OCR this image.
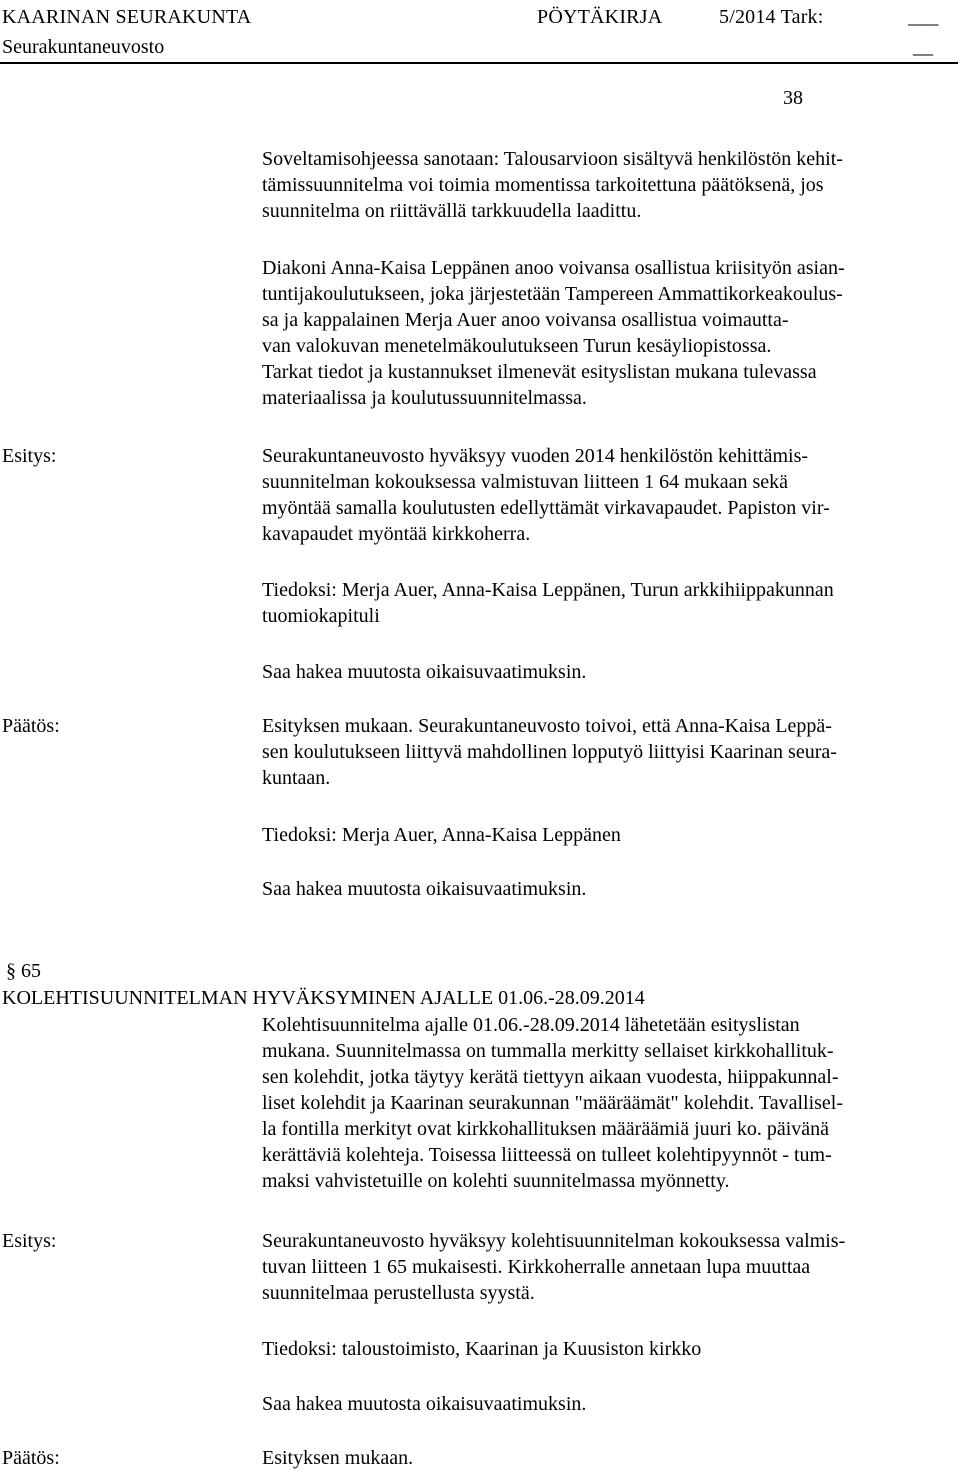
KAARINAN SEURAKUNTA	PÖYTÄKIRJA	5/2014 Tark:	___
Seurakuntaneuvosto	__
38

Soveltamisohjeessa sanotaan: Talousarvioon sisältyvä henkilöstön kehit-

tämissuunnitelma voi toimia momentissa tarkoitettuna päätöksenä, jos

suunnitelma on riittävällä tarkkuudella laadittu.

Diakoni Anna-Kaisa Leppänen anoo voivansa osallistua kriisityön asian-

tuntijakoulutukseen, joka järjestetään Tampereen Ammattikorkeakoulus-

sa ja kappalainen Merja Auer anoo voivansa osallistua voimautta-

van valokuvan menetelmäkoulutukseen Turun kesäyliopistossa.

Tarkat tiedot ja kustannukset ilmenevät esityslistan mukana tulevassa

materiaalissa ja koulutussuunnitelmassa.

Esitys:	Seurakuntaneuvosto hyväksyy vuoden 2014 henkilöstön kehittämis-

suunnitelman kokouksessa valmistuvan liitteen 1 64 mukaan sekä

myöntää samalla koulutusten edellyttämät virkavapaudet. Papiston vir-

kavapaudet myöntää kirkkoherra.

Tiedoksi: Merja Auer, Anna-Kaisa Leppänen, Turun arkkihiippakunnan

tuomiokapituli

Saa hakea muutosta oikaisuvaatimuksin.

Päätös:	Esityksen mukaan. Seurakuntaneuvosto toivoi, että Anna-Kaisa Leppä-

sen koulutukseen liittyvä mahdollinen lopputyö liittyisi Kaarinan seura-

kuntaan.

Tiedoksi: Merja Auer, Anna-Kaisa Leppänen
Saa hakea muutosta oikaisuvaatimuksin.
§ 65
KOLEHTISUUNNITELMAN HYVÄKSYMINEN AJALLE 01.06.-28.09.2014

Kolehtisuunnitelma ajalle 01.06.-28.09.2014 lähetetään esityslistan

mukana. Suunnitelmassa on tummalla merkitty sellaiset kirkkohallituk-

sen kolehdit, jotka täytyy kerätä tiettyyn aikaan vuodesta, hiippakunnal-

liset kolehdit ja Kaarinan seurakunnan "määräämät" kolehdit. Tavallisel-

la fontilla merkityt ovat kirkkohallituksen määräämiä juuri ko. päivänä

kerättäviä kolehteja. Toisessa liitteessä on tulleet kolehtipyynnöt - tum-

maksi vahvistetuille on kolehti suunnitelmassa myönnetty.

Esitys:	Seurakuntaneuvosto hyväksyy kolehtisuunnitelman kokouksessa valmis-

tuvan liitteen 1 65 mukaisesti. Kirkkoherralle annetaan lupa muuttaa

suunnitelmaa perustellusta syystä.

Tiedoksi: taloustoimisto, Kaarinan ja Kuusiston kirkko
Saa hakea muutosta oikaisuvaatimuksin.

Päätös:	Esityksen mukaan.
